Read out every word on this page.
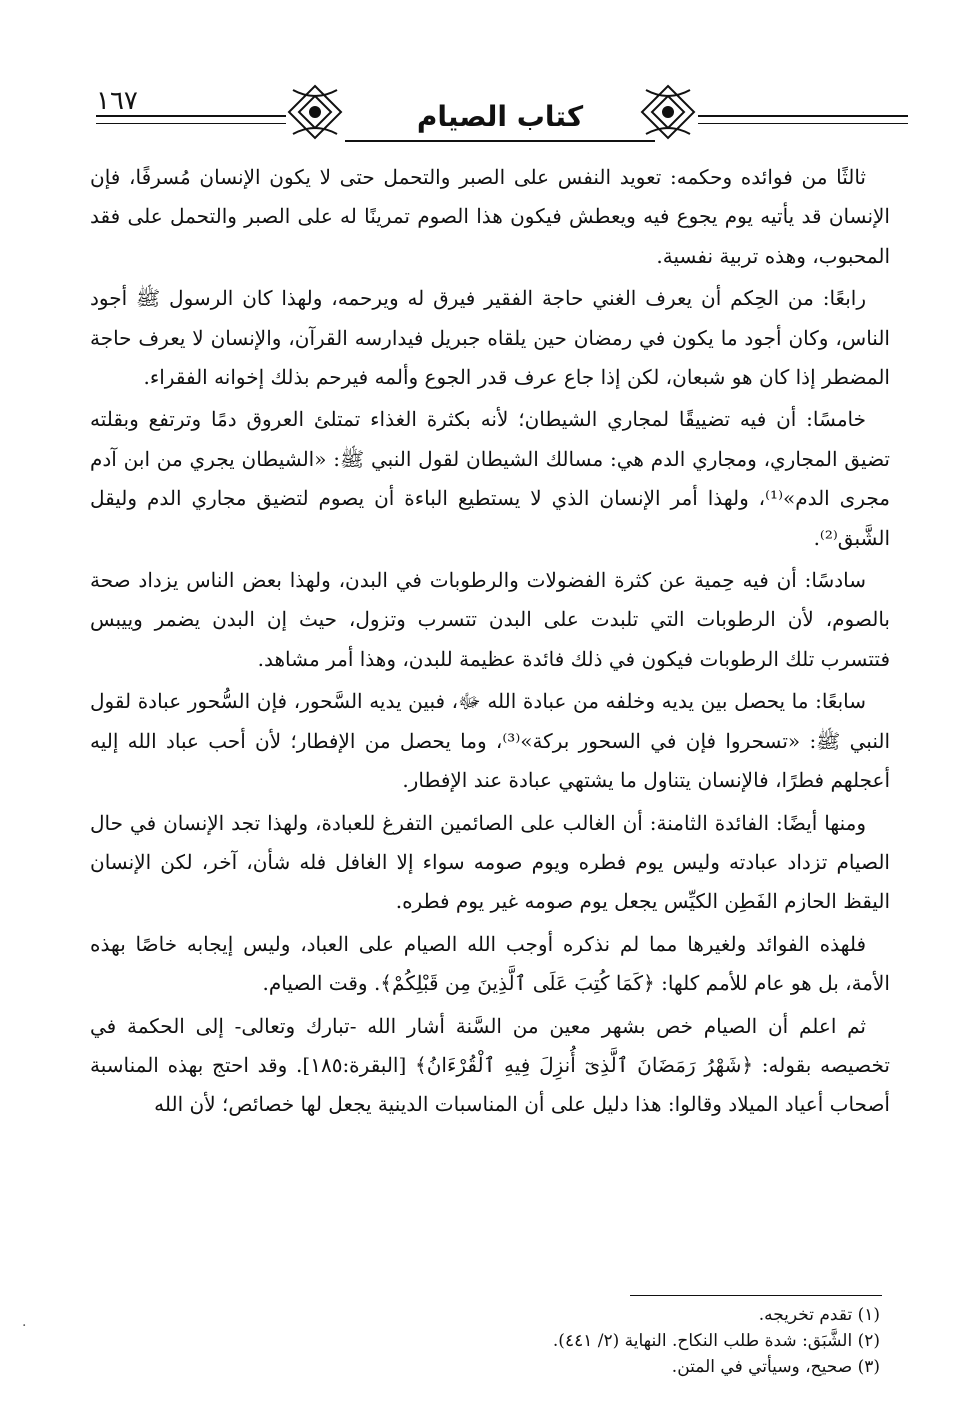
١٦٧	كتاب الصيام

ثالثًا من فوائده وحكمه: تعويد النفس على الصبر والتحمل حتى لا يكون الإنسان مُسرفًا، فإن الإنسان قد يأتيه يوم يجوع فيه ويعطش فيكون هذا الصوم تمرينًا له على الصبر والتحمل على فقد المحبوب، وهذه تربية نفسية.

رابعًا: من الحِكم أن يعرف الغني حاجة الفقير فيرق له ويرحمه، ولهذا كان الرسول ﷺ أجود الناس، وكان أجود ما يكون في رمضان حين يلقاه جبريل فيدارسه القرآن، والإنسان لا يعرف حاجة المضطر إذا كان هو شبعان، لكن إذا جاع عرف قدر الجوع وألمه فيرحم بذلك إخوانه الفقراء.

خامسًا: أن فيه تضييقًا لمجاري الشيطان؛ لأنه بكثرة الغذاء تمتلئ العروق دمًا وترتفع وبقلته تضيق المجاري، ومجاري الدم هي: مسالك الشيطان لقول النبي ﷺ: «الشيطان يجري من ابن آدم مجرى الدم»⁽¹⁾، ولهذا أمر الإنسان الذي لا يستطيع الباءة أن يصوم لتضيق مجاري الدم وليقل الشَّبق⁽²⁾.

سادسًا: أن فيه حِمية عن كثرة الفضولات والرطوبات في البدن، ولهذا بعض الناس يزداد صحة بالصوم، لأن الرطوبات التي تلبدت على البدن تتسرب وتزول، حيث إن البدن يضمر وييبس فتتسرب تلك الرطوبات فيكون في ذلك فائدة عظيمة للبدن، وهذا أمر مشاهد.

سابعًا: ما يحصل بين يديه وخلفه من عبادة الله ﷻ، فبين يديه السَّحور، فإن السُّحور عبادة لقول النبي ﷺ: «تسحروا فإن في السحور بركة»⁽³⁾، وما يحصل من الإفطار؛ لأن أحب عباد الله إليه أعجلهم فطرًا، فالإنسان يتناول ما يشتهي عبادة عند الإفطار.

ومنها أيضًا: الفائدة الثامنة: أن الغالب على الصائمين التفرغ للعبادة، ولهذا تجد الإنسان في حال الصيام تزداد عبادته وليس يوم فطره ويوم صومه سواء إلا الغافل فله شأن، آخر، لكن الإنسان اليقظ الحازم الفَطِن الكيِّس يجعل يوم صومه غير يوم فطره.

فلهذه الفوائد ولغيرها مما لم نذكره أوجب الله الصيام على العباد، وليس إيجابه خاصًا بهذه الأمة، بل هو عام للأمم كلها: ﴿كَمَا كُتِبَ عَلَى ٱلَّذِينَ مِن قَبْلِكُمْ﴾. وقت الصيام.

ثم اعلم أن الصيام خص بشهر معين من السَّنة أشار الله -تبارك وتعالى- إلى الحكمة في تخصيصه بقوله: ﴿شَهْرُ رَمَضَانَ ٱلَّذِىٓ أُنزِلَ فِيهِ ٱلْقُرْءَانُ﴾ [البقرة:١٨٥]. وقد احتج بهذه المناسبة أصحاب أعياد الميلاد وقالوا: هذا دليل على أن المناسبات الدينية يجعل لها خصائص؛ لأن الله

(١) تقدم تخريجه.

(٢) الشَّبَق: شدة طلب النكاح. النهاية (٢/ ٤٤١).

(٣) صحيح، وسيأتي في المتن.

·
